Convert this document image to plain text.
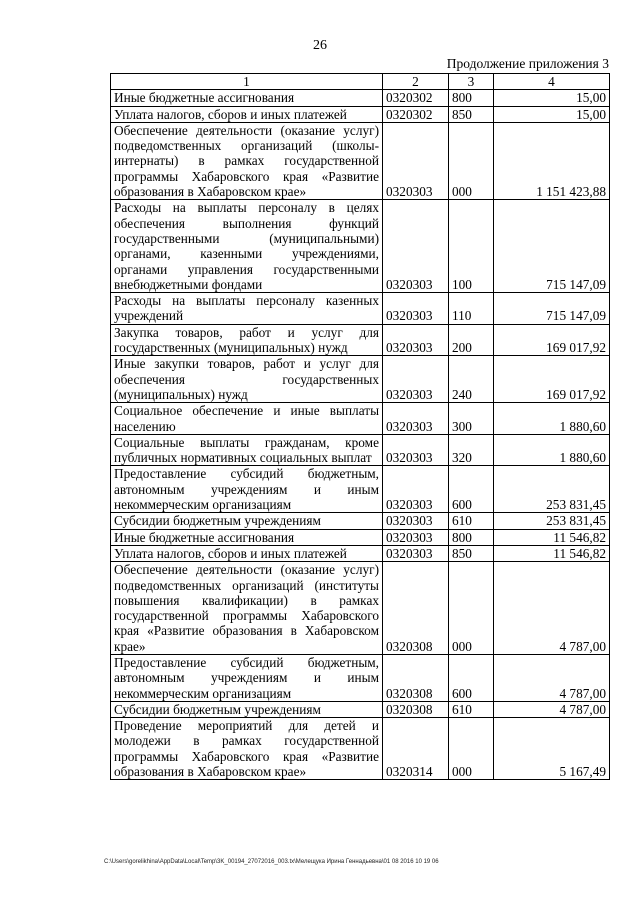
26
Продолжение приложения 3
1	2	3	4
Иные бюджетные ассигнования	0320302	800	15,00
Уплата налогов, сборов и иных платежей	0320302	850	15,00
Обеспечение деятельности (оказание услуг) подведомственных организаций (школы-интернаты) в рамках государственной программы Хабаровского края «Развитие образования в Хабаровском крае»	0320303	000	1 151 423,88
Расходы на выплаты персоналу в целях обеспечения выполнения функций государственными (муниципальными) органами, казенными учреждениями, органами управления государственными внебюджетными фондами	0320303	100	715 147,09
Расходы на выплаты персоналу казенных учреждений	0320303	110	715 147,09
Закупка товаров, работ и услуг для государственных (муниципальных) нужд	0320303	200	169 017,92
Иные закупки товаров, работ и услуг для обеспечения государственных (муниципальных) нужд	0320303	240	169 017,92
Социальное обеспечение и иные выплаты населению	0320303	300	1 880,60
Социальные выплаты гражданам, кроме публичных нормативных социальных выплат	0320303	320	1 880,60
Предоставление субсидий бюджетным, автономным учреждениям и иным некоммерческим организациям	0320303	600	253 831,45
Субсидии бюджетным учреждениям	0320303	610	253 831,45
Иные бюджетные ассигнования	0320303	800	11 546,82
Уплата налогов, сборов и иных платежей	0320303	850	11 546,82
Обеспечение деятельности (оказание услуг) подведомственных организаций (институты повышения квалификации) в рамках государственной программы Хабаровского края «Развитие образования в Хабаровском крае»	0320308	000	4 787,00
Предоставление субсидий бюджетным, автономным учреждениям и иным некоммерческим организациям	0320308	600	4 787,00
Субсидии бюджетным учреждениям	0320308	610	4 787,00
Проведение мероприятий для детей и молодежи в рамках государственной программы Хабаровского края «Развитие образования в Хабаровском крае»	0320314	000	5 167,49
C:\Users\gorelikhina\AppData\Local\Temp\3K_00194_27072016_003.tx\Мелещука Ирина Геннадьевна\01 08 2016 10 19 06
